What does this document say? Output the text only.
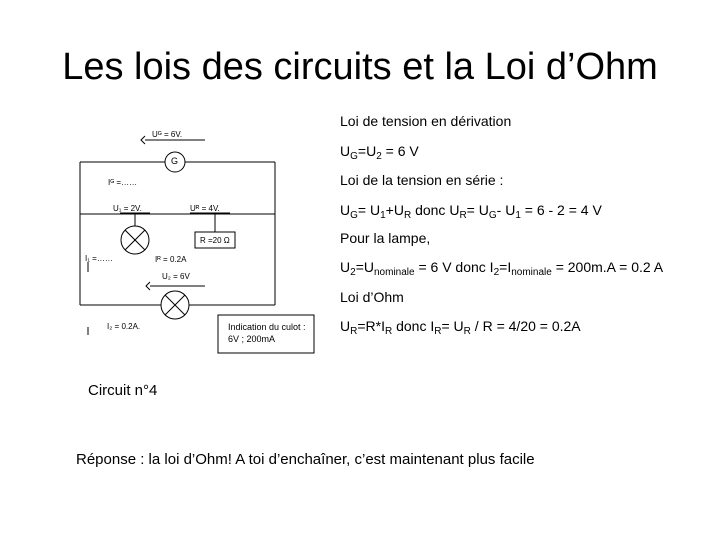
Les lois des circuits et la Loi d’Ohm
G
Uᴳ = 6V.
Iᴳ =……
U₁ = 2V.	Uᴿ = 4V.
R =20 Ω
I₁ =……	Iᴿ = 0.2A
U₂ = 6V
I₂ = 0.2A.	Indication du culot : 6V ; 200mA
Loi de tension en dérivation
$U_G=U_2 = 6$ V
Loi de la tension en série :
$U_G= U_1+U_R$ donc $U_R= U_G-$ $U_1 = 6 - 2 = 4$ V
Pour la lampe,
$U_2=U_{nominale} = 6$ V donc $I_2=I_{nominale} = 200m.A = 0.2$ A
Loi d’Ohm
$U_R=R*I_R$ donc $I_R= U_R / R = 4/20 = 0.2A$
Circuit n°4
Réponse : la loi d’Ohm! A toi d’enchaîner, c’est maintenant plus facile
